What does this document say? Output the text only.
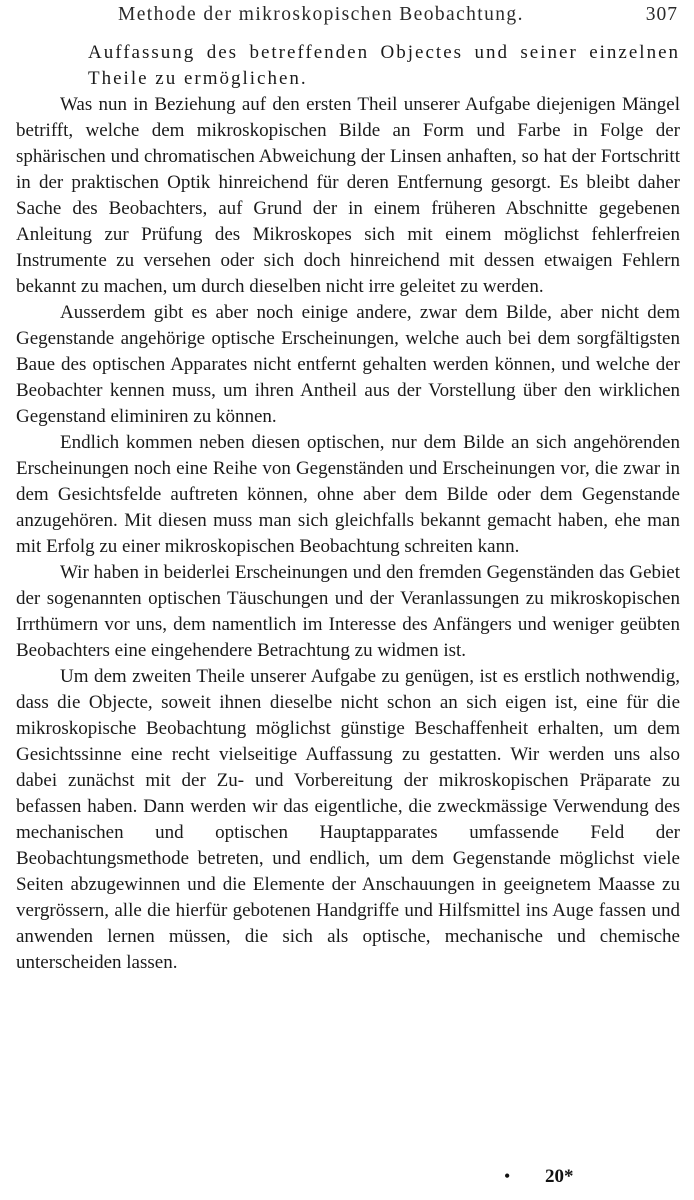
Methode der mikroskopischen Beobachtung.	307

Auffassung des betreffenden Objectes und seiner einzelnen Theile zu ermöglichen.

Was nun in Beziehung auf den ersten Theil unserer Aufgabe diejenigen Mängel betrifft, welche dem mikroskopischen Bilde an Form und Farbe in Folge der sphärischen und chromatischen Abweichung der Linsen anhaften, so hat der Fortschritt in der praktischen Optik hinreichend für deren Entfernung gesorgt. Es bleibt daher Sache des Beobachters, auf Grund der in einem früheren Abschnitte gegebenen Anleitung zur Prüfung des Mikroskopes sich mit einem möglichst fehlerfreien Instrumente zu versehen oder sich doch hinreichend mit dessen etwaigen Fehlern bekannt zu machen, um durch dieselben nicht irre geleitet zu werden.

Ausserdem gibt es aber noch einige andere, zwar dem Bilde, aber nicht dem Gegenstande angehörige optische Erscheinungen, welche auch bei dem sorgfältigsten Baue des optischen Apparates nicht entfernt gehalten werden können, und welche der Beobachter kennen muss, um ihren Antheil aus der Vorstellung über den wirklichen Gegenstand eliminiren zu können.

Endlich kommen neben diesen optischen, nur dem Bilde an sich angehörenden Erscheinungen noch eine Reihe von Gegenständen und Erscheinungen vor, die zwar in dem Gesichtsfelde auftreten können, ohne aber dem Bilde oder dem Gegenstande anzugehören. Mit diesen muss man sich gleichfalls bekannt gemacht haben, ehe man mit Erfolg zu einer mikroskopischen Beobachtung schreiten kann.

Wir haben in beiderlei Erscheinungen und den fremden Gegenständen das Gebiet der sogenannten optischen Täuschungen und der Veranlassungen zu mikroskopischen Irrthümern vor uns, dem namentlich im Interesse des Anfängers und weniger geübten Beobachters eine eingehendere Betrachtung zu widmen ist.

Um dem zweiten Theile unserer Aufgabe zu genügen, ist es erstlich nothwendig, dass die Objecte, soweit ihnen dieselbe nicht schon an sich eigen ist, eine für die mikroskopische Beobachtung möglichst günstige Beschaffenheit erhalten, um dem Gesichtssinne eine recht vielseitige Auffassung zu gestatten. Wir werden uns also dabei zunächst mit der Zu- und Vorbereitung der mikroskopischen Präparate zu befassen haben. Dann werden wir das eigentliche, die zweckmässige Verwendung des mechanischen und optischen Hauptapparates umfassende Feld der Beobachtungsmethode betreten, und endlich, um dem Gegenstande möglichst viele Seiten abzugewinnen und die Elemente der Anschauungen in geeignetem Maasse zu vergrössern, alle die hierfür gebotenen Handgriffe und Hilfsmittel ins Auge fassen und anwenden lernen müssen, die sich als optische, mechanische und chemische unterscheiden lassen.

• 20*
